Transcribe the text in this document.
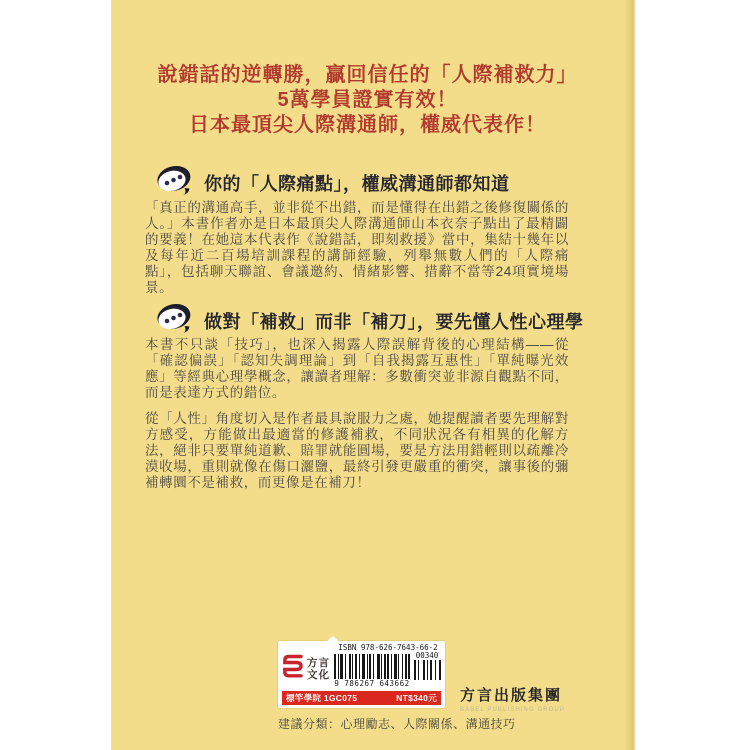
說錯話的逆轉勝，贏回信任的「人際補救力」
5萬學員證實有效！
日本最頂尖人際溝通師，權威代表作！
你的「人際痛點」，權威溝通師都知道

「真正的溝通高手，並非從不出錯，而是懂得在出錯之後修復關係的人。」本書作者亦是日本最頂尖人際溝通師山本衣奈子點出了最精闢的要義！在她這本代表作《說錯話，即刻救援》當中，集結十幾年以及每年近二百場培訓課程的講師經驗，列舉無數人們的「人際痛點」，包括聊天聯誼、會議邀約、情緒影響、措辭不當等24項實境場景。

做對「補救」而非「補刀」，要先懂人性心理學

本書不只談「技巧」，也深入揭露人際誤解背後的心理結構——從「確認偏誤」「認知失調理論」到「自我揭露互惠性」「單純曝光效應」等經典心理學概念，讓讀者理解：多數衝突並非源自觀點不同，而是表達方式的錯位。

從「人性」角度切入是作者最具說服力之處，她提醒讀者要先理解對方感受，方能做出最適當的修護補救，不同狀況各有相異的化解方法，絕非只要單純道歉、賠罪就能圓場，要是方法用錯輕則以疏離冷漠收場，重則就像在傷口灑鹽，最終引發更嚴重的衝突，讓事後的彌補轉圜不是補救，而更像是在補刀！

方言
文化
ISBN 978-626-7643-66-2
00340
9 786267 643662
標竿學院 1GC075	NT$340元 方言出版集團
BABEL PUBLISHING GROUP
建議分類：心理勵志、人際關係、溝通技巧
